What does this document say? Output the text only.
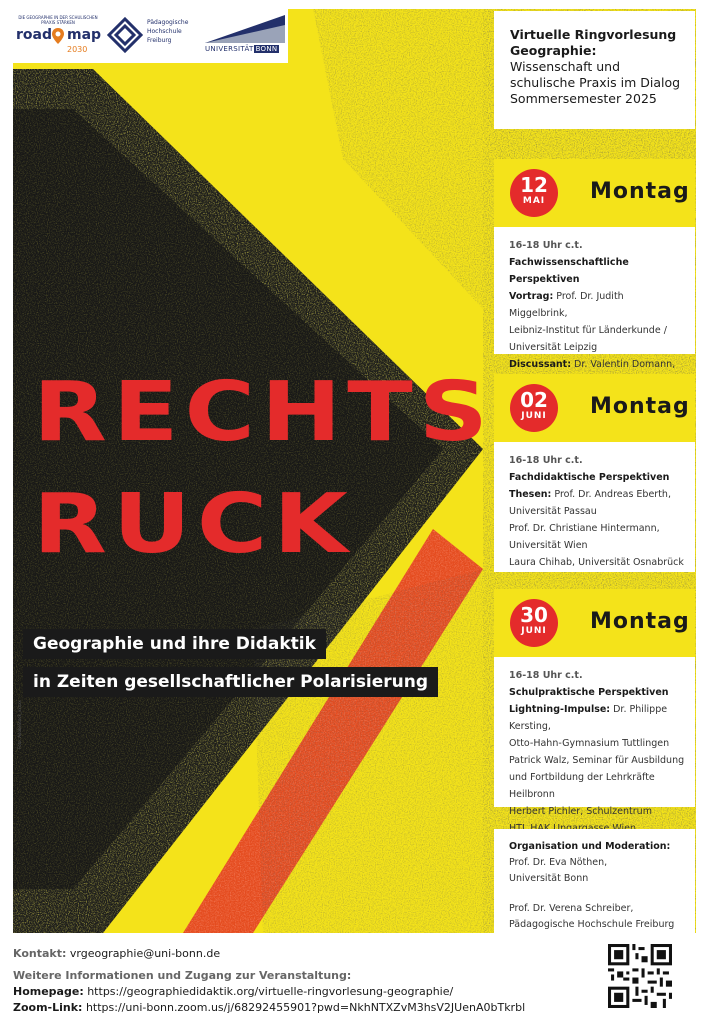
DIE GEOGRAPHIE IN DER SCHULISCHEN PRAXIS STÄRKEN
road map
2030
Pädagogische
Hochschule
Freiburg
UNIVERSITÄT BONN
RECHTS
RUCK
Geographie und ihre Didaktik
in Zeiten gesellschaftlicher Polarisierung
Foto: AdobeStock_xxxxx
Virtuelle Ringvorlesung
Geographie:
Wissenschaft und
schulische Praxis im Dialog
Sommersemester 2025
12
MAI	Montag
16-18 Uhr c.t.
Fachwissenschaftliche Perspektiven
Vortrag: Prof. Dr. Judith Miggelbrink,
Leibniz-Institut für Länderkunde /
Universität Leipzig
Discussant: Dr. Valentin Domann,
02
JUNI	Montag
16-18 Uhr c.t.
Fachdidaktische Perspektiven
Thesen: Prof. Dr. Andreas Eberth,
Universität Passau
Prof. Dr. Christiane Hintermann,
Universität Wien
Laura Chihab, Universität Osnabrück
30
JUNI	Montag
16-18 Uhr c.t.
Schulpraktische Perspektiven
Lightning-Impulse: Dr. Philippe Kersting,
Otto-Hahn-Gymnasium Tuttlingen
Patrick Walz, Seminar für Ausbildung
und Fortbildung der Lehrkräfte Heilbronn
Herbert Pichler, Schulzentrum
Organisation und Moderation:
Prof. Dr. Eva Nöthen,
Universität Bonn
Prof. Dr. Verena Schreiber,
Pädagogische Hochschule Freiburg
Kontakt: vrgeographie@uni-bonn.de
Weitere Informationen und Zugang zur Veranstaltung:
Homepage: https://geographiedidaktik.org/virtuelle-ringvorlesung-geographie/
Zoom-Link: https://uni-bonn.zoom.us/j/68292455901?pwd=NkhNTXZvM3hsV2JUenA0bTkrbl
